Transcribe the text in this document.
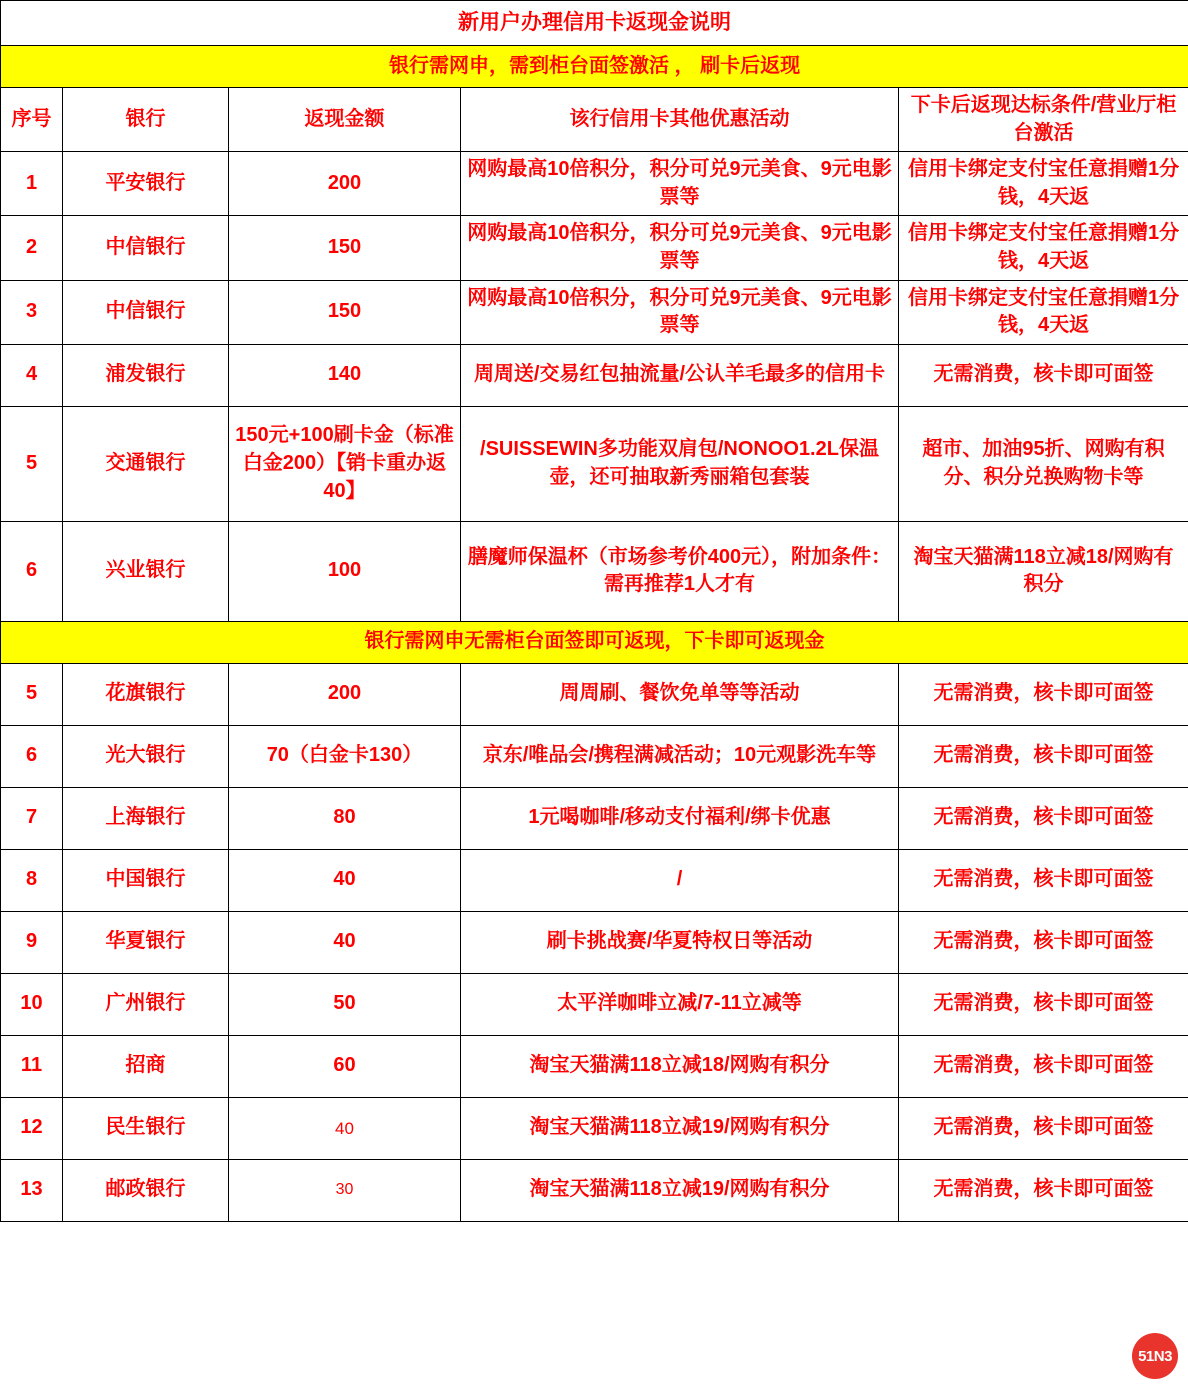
新用户办理信用卡返现金说明				
银行需网申，需到柜台面签激活 ， 刷卡后返现				
序号	银行	返现金额	该行信用卡其他优惠活动	下卡后返现达标条件/营业厅柜台激活
1	平安银行	200	网购最高10倍积分，积分可兑9元美食、9元电影票等	信用卡绑定支付宝任意捐赠1分钱，4天返
2	中信银行	150	网购最高10倍积分，积分可兑9元美食、9元电影票等	信用卡绑定支付宝任意捐赠1分钱，4天返
3	中信银行	150	网购最高10倍积分，积分可兑9元美食、9元电影票等	信用卡绑定支付宝任意捐赠1分钱，4天返
4	浦发银行	140	周周送/交易红包抽流量/公认羊毛最多的信用卡	无需消费，核卡即可面签
5	交通银行	150元+100刷卡金（标准白金200）【销卡重办返40】	/SUISSEWIN多功能双肩包/NONOO1.2L保温壶，还可抽取新秀丽箱包套装	超市、加油95折、网购有积分、积分兑换购物卡等
6	兴业银行	100	膳魔师保温杯（市场参考价400元），附加条件：需再推荐1人才有	淘宝天猫满118立减18/网购有积分
银行需网申无需柜台面签即可返现，下卡即可返现金				
5	花旗银行	200	周周刷、餐饮免单等等活动	无需消费，核卡即可面签
6	光大银行	70（白金卡130）	京东/唯品会/携程满减活动；10元观影洗车等	无需消费，核卡即可面签
7	上海银行	80	1元喝咖啡/移动支付福利/绑卡优惠	无需消费，核卡即可面签
8	中国银行	40	/	无需消费，核卡即可面签
9	华夏银行	40	刷卡挑战赛/华夏特权日等活动	无需消费，核卡即可面签
10	广州银行	50	太平洋咖啡立减/7-11立减等	无需消费，核卡即可面签
11	招商	60	淘宝天猫满118立减18/网购有积分	无需消费，核卡即可面签
12	民生银行	40	淘宝天猫满118立减19/网购有积分	无需消费，核卡即可面签
13	邮政银行	30	淘宝天猫满118立减19/网购有积分	无需消费，核卡即可面签
51N3
